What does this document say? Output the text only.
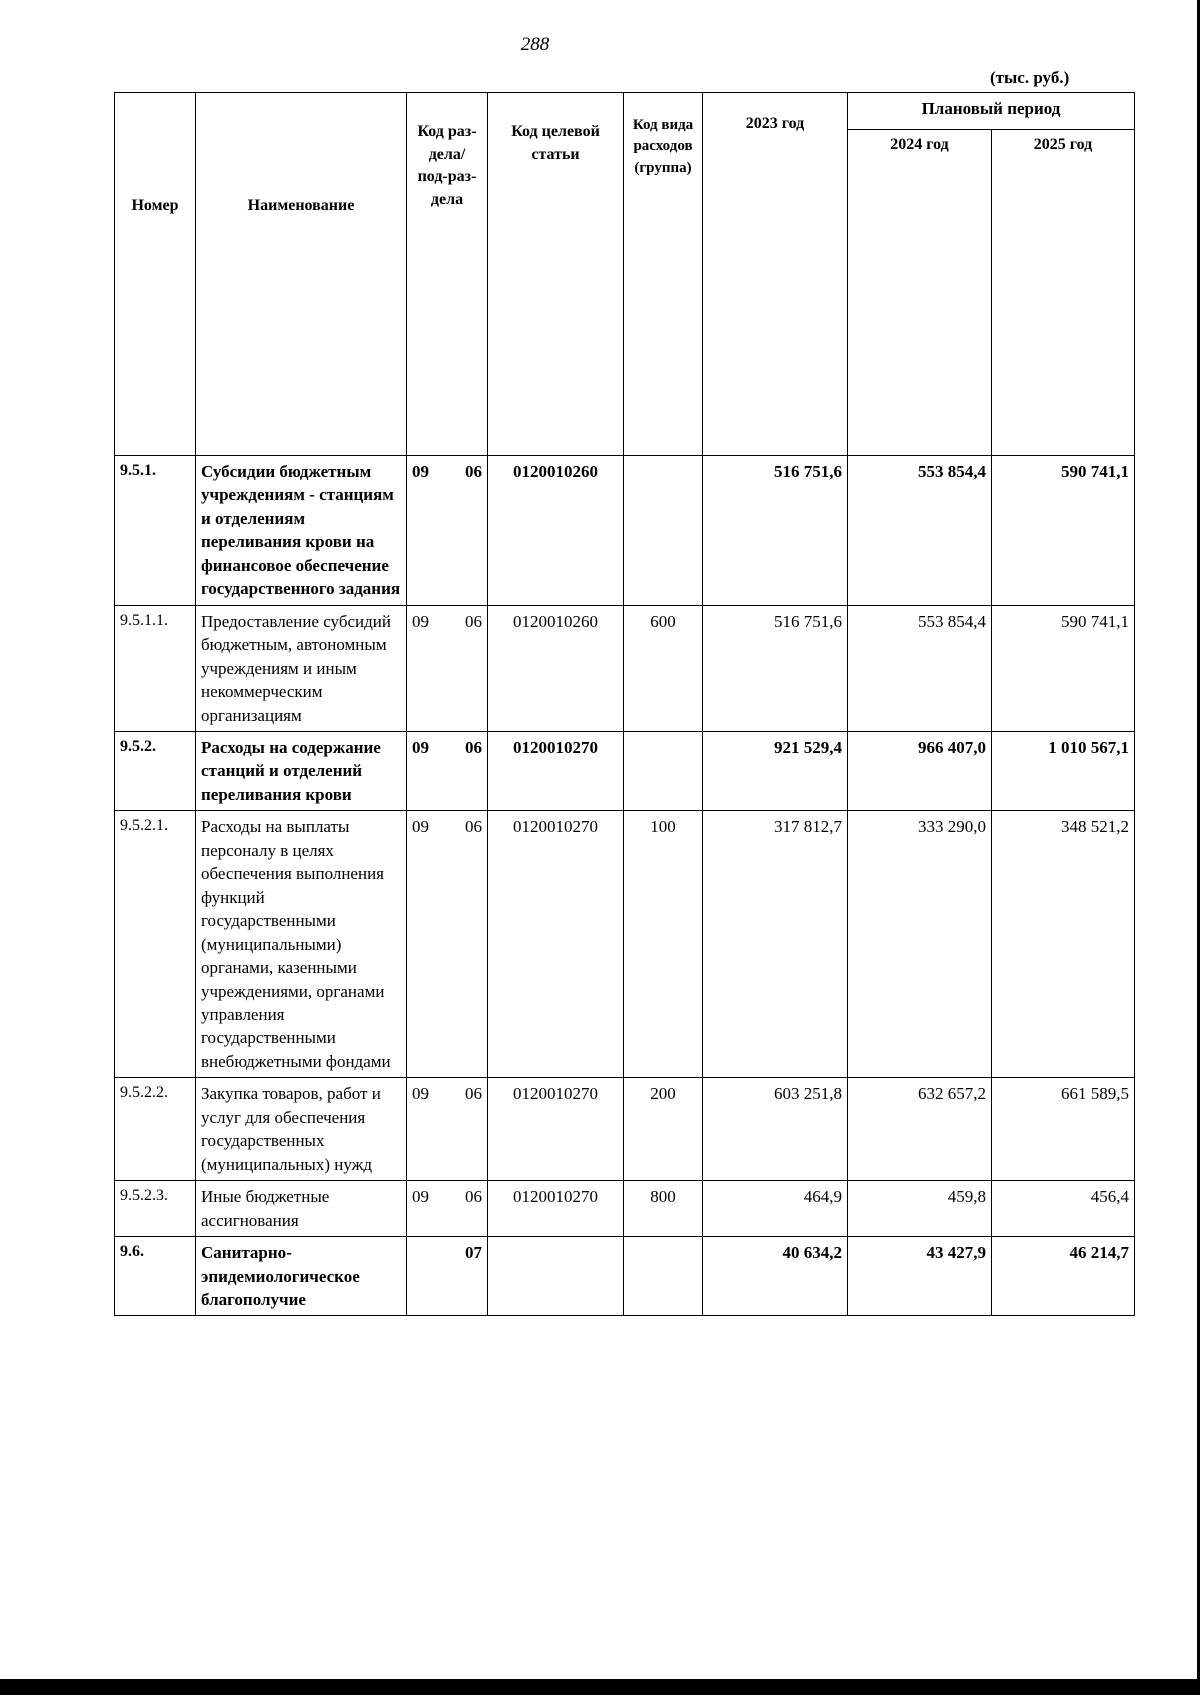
288
(тыс. руб.)
Номер	Наименование	Код раз-дела/ под-раз-дела	Код целевой статьи	Код вида расходов (группа)	2023 год	Плановый период	
						2024 год	2025 год
9.5.1.	Субсидии бюджетным учреждениям - станциям и отделениям переливания крови на финансовое обеспечение государственного задания	09 06	0120010260		516 751,6	553 854,4	590 741,1
9.5.1.1.	Предоставление субсидий бюджетным, автономным учреждениям и иным некоммерческим организациям	09 06	0120010260	600	516 751,6	553 854,4	590 741,1
9.5.2.	Расходы на содержание станций и отделений переливания крови	09 06	0120010270		921 529,4	966 407,0	1 010 567,1
9.5.2.1.	Расходы на выплаты персоналу в целях обеспечения выполнения функций государственными (муниципальными) органами, казенными учреждениями, органами управления государственными внебюджетными фондами	09 06	0120010270	100	317 812,7	333 290,0	348 521,2
9.5.2.2.	Закупка товаров, работ и услуг для обеспечения государственных (муниципальных) нужд	09 06	0120010270	200	603 251,8	632 657,2	661 589,5
9.5.2.3.	Иные бюджетные ассигнования	09 06	0120010270	800	464,9	459,8	456,4
9.6.	Санитарно-эпидемиологическое благополучие	07			40 634,2	43 427,9	46 214,7
